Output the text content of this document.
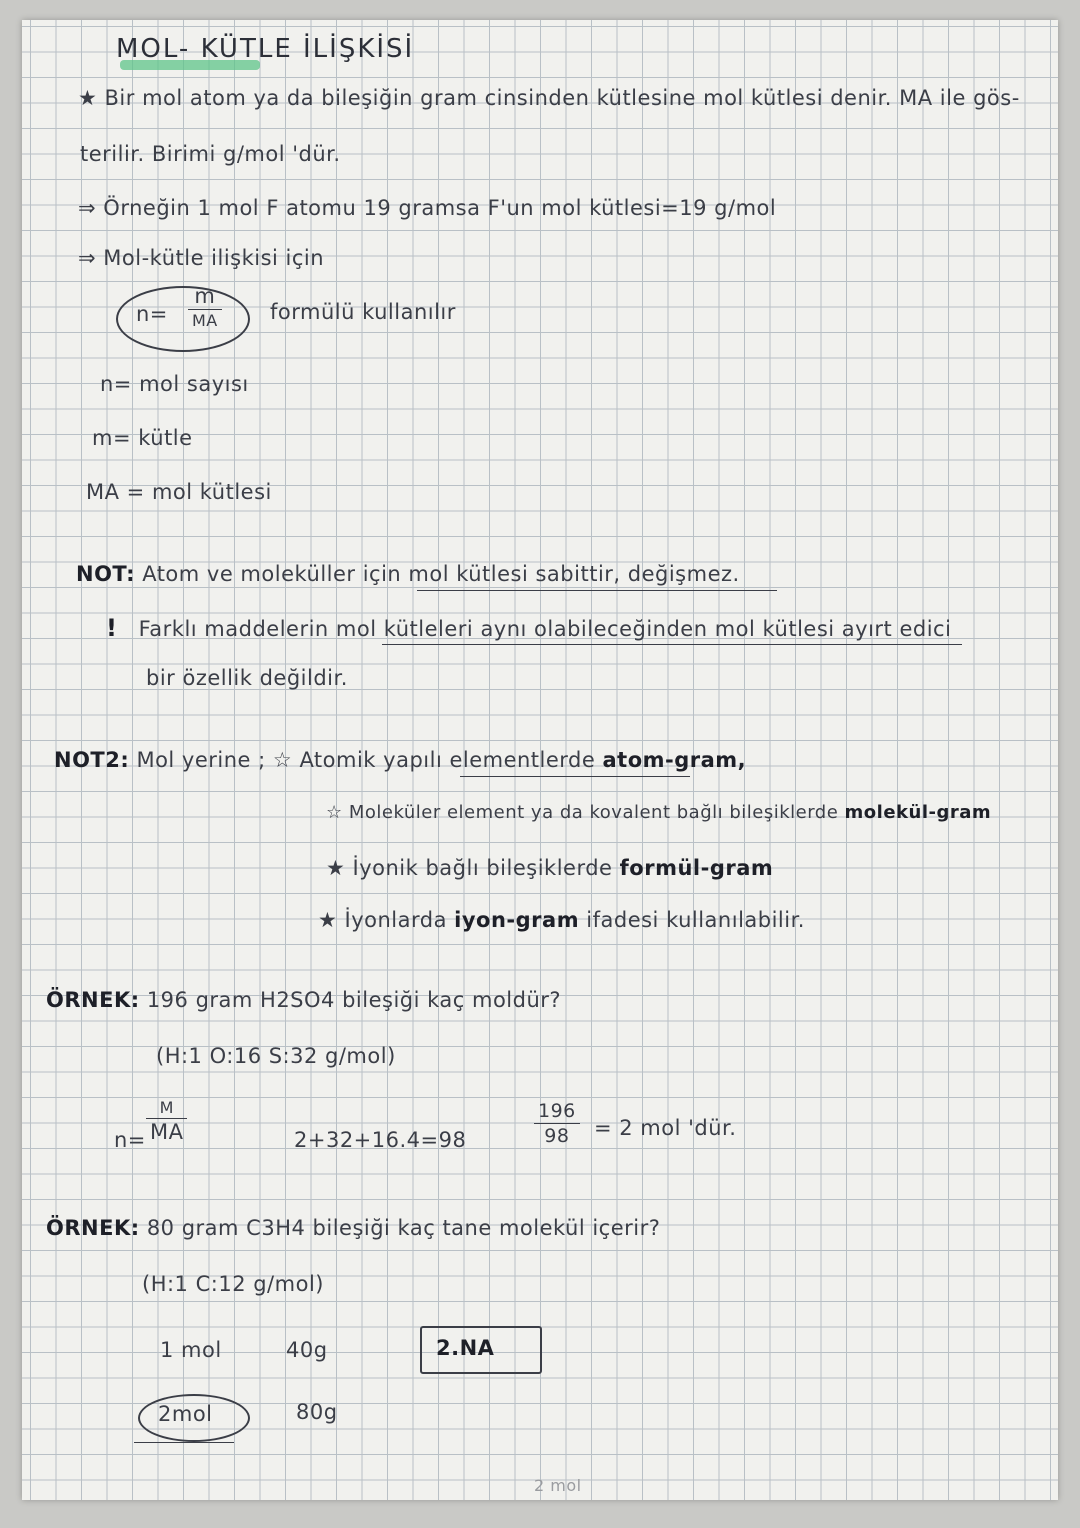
MOL- KÜTLE İLİŞKİSİ
★ Bir mol atom ya da bileşiğin gram cinsinden kütlesine mol kütlesi denir. MA ile gös-
terilir. Birimi g/mol 'dür.
⇒ Örneğin 1 mol F atomu 19 gramsa F'un mol kütlesi=19 g/mol
⇒ Mol-kütle ilişkisi için
n=
m
MA formülü kullanılır
n= mol sayısı
m= kütle
MA = mol kütlesi
NOT: Atom ve moleküller için mol kütlesi sabittir, değişmez.
! Farklı maddelerin mol kütleleri aynı olabileceğinden mol kütlesi ayırt edici
bir özellik değildir.
NOT2: Mol yerine ; ☆ Atomik yapılı elementlerde atom-gram,
☆ Moleküler element ya da kovalent bağlı bileşiklerde molekül-gram
★ İyonik bağlı bileşiklerde formül-gram
★ İyonlarda iyon-gram ifadesi kullanılabilir.
ÖRNEK: 196 gram H2SO4 bileşiği kaç moldür?
(H:1 O:16 S:32 g/mol)
n=
M
MA	2+32+16.4=98
196
98	= 2 mol 'dür.
ÖRNEK: 80 gram C3H4 bileşiği kaç tane molekül içerir?
(H:1 C:12 g/mol)
1 mol	40g	2.NA
2mol	80g
2 mol
